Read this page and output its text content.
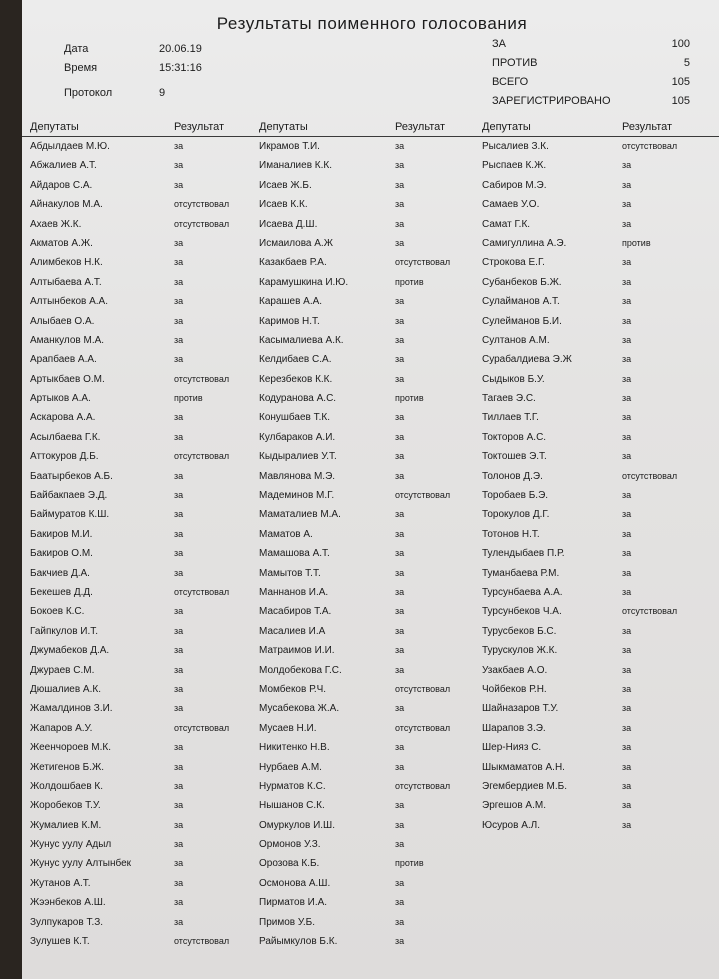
Результаты поименного голосования
Дата	20.06.19
Время	15:31:16
Протокол	9
ЗА	100
ПРОТИВ	5
ВСЕГО	105
ЗАРЕГИСТРИРОВАНО	105
Депутаты	Результат	Депутаты	Результат	Депутаты	Результат
Абдылдаев М.Ю.	за	Икрамов Т.И.	за	Рысалиев З.К.	отсутствовал
Абжалиев А.Т.	за	Иманалиев К.К.	за	Рыспаев К.Ж.	за
Айдаров С.А.	за	Исаев Ж.Б.	за	Сабиров М.Э.	за
Айнакулов М.А.	отсутствовал	Исаев К.К.	за	Самаев У.О.	за
Ахаев Ж.К.	отсутствовал	Исаева Д.Ш.	за	Самат Г.К.	за
Акматов А.Ж.	за	Исмаилова А.Ж	за	Самигуллина А.Э.	против
Алимбеков Н.К.	за	Казакбаев Р.А.	отсутствовал	Строкова Е.Г.	за
Алтыбаева А.Т.	за	Карамушкина И.Ю.	против	Субанбеков Б.Ж.	за
Алтынбеков А.А.	за	Карашев А.А.	за	Сулайманов А.Т.	за
Алыбаев О.А.	за	Каримов Н.Т.	за	Сулейманов Б.И.	за
Аманкулов М.А.	за	Касымалиева А.К.	за	Султанов А.М.	за
Арапбаев А.А.	за	Келдибаев С.А.	за	Сурабалдиева Э.Ж	за
Артыкбаев О.М.	отсутствовал	Керезбеков К.К.	за	Сыдыков Б.У.	за
Артыков А.А.	против	Кодуранова А.С.	против	Тагаев Э.С.	за
Аскарова А.А.	за	Конушбаев Т.К.	за	Тиллаев Т.Г.	за
Асылбаева Г.К.	за	Кулбараков А.И.	за	Токторов А.С.	за
Аттокуров Д.Б.	отсутствовал	Кыдыралиев У.Т.	за	Токтошев Э.Т.	за
Баатырбеков А.Б.	за	Мавлянова М.Э.	за	Толонов Д.Э.	отсутствовал
Байбакпаев Э.Д.	за	Мадеминов М.Г.	отсутствовал	Торобаев Б.Э.	за
Баймуратов К.Ш.	за	Маматалиев М.А.	за	Торокулов Д.Г.	за
Бакиров М.И.	за	Маматов А.	за	Тотонов Н.Т.	за
Бакиров О.М.	за	Мамашова А.Т.	за	Тулендыбаев П.Р.	за
Бакчиев Д.А.	за	Мамытов Т.Т.	за	Туманбаева Р.М.	за
Бекешев Д.Д.	отсутствовал	Маннанов И.А.	за	Турсунбаева А.А.	за
Бокоев К.С.	за	Масабиров Т.А.	за	Турсунбеков Ч.А.	отсутствовал
Гайпкулов И.Т.	за	Масалиев И.А	за	Турусбеков Б.С.	за
Джумабеков Д.А.	за	Матраимов И.И.	за	Турускулов Ж.К.	за
Джураев С.М.	за	Молдобекова Г.С.	за	Узакбаев А.О.	за
Дюшалиев А.К.	за	Момбеков Р.Ч.	отсутствовал	Чойбеков Р.Н.	за
Жамалдинов З.И.	за	Мусабекова Ж.А.	за	Шайназаров Т.У.	за
Жапаров А.У.	отсутствовал	Мусаев Н.И.	отсутствовал	Шарапов З.Э.	за
Жеенчороев М.К.	за	Никитенко Н.В.	за	Шер-Нияз С.	за
Жетигенов Б.Ж.	за	Нурбаев А.М.	за	Шыкмаматов А.Н.	за
Жолдошбаев К.	за	Нурматов К.С.	отсутствовал	Эгембердиев М.Б.	за
Жоробеков Т.У.	за	Нышанов С.К.	за	Эргешов А.М.	за
Жумалиев К.М.	за	Омуркулов И.Ш.	за	Юсуров А.Л.	за
Жунус уулу Адыл	за	Ормонов У.З.	за
Жунус уулу Алтынбек	за	Орозова К.Б.	против
Жутанов А.Т.	за	Осмонова А.Ш.	за
Жээнбеков А.Ш.	за	Пирматов И.А.	за
Зулпукаров Т.З.	за	Примов У.Б.	за
Зулушев К.Т.	отсутствовал	Райымкулов Б.К.	за
